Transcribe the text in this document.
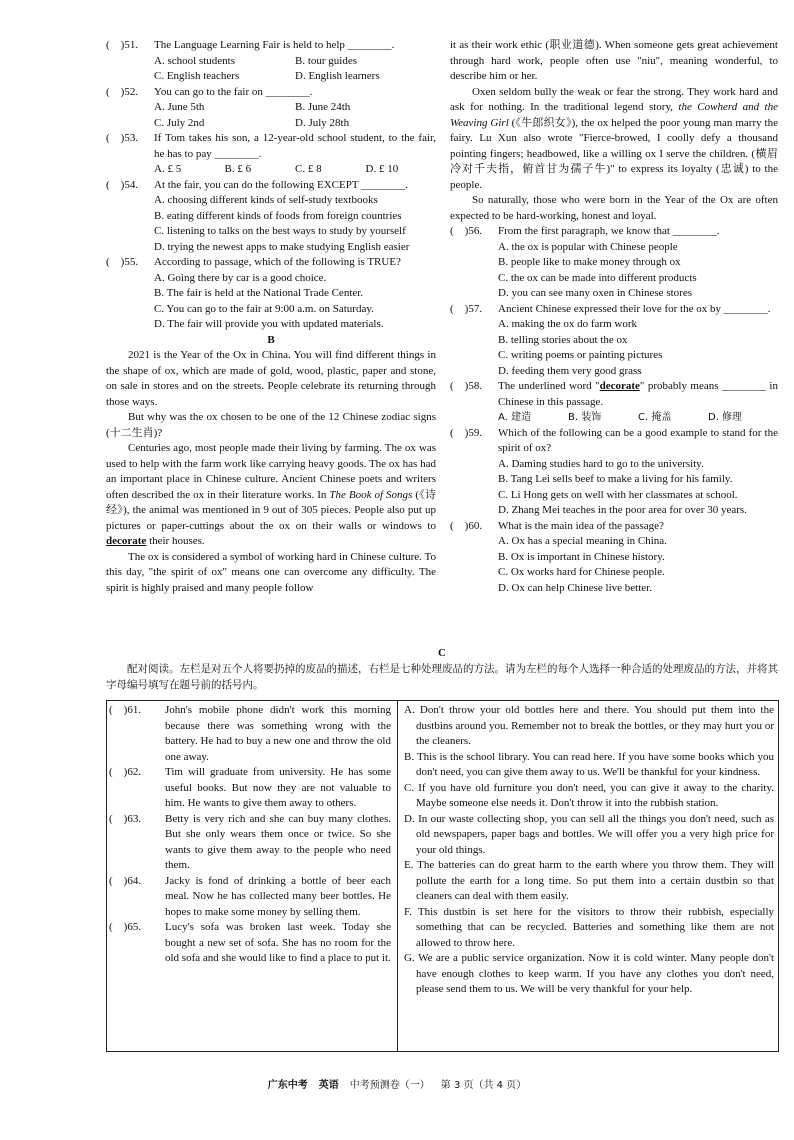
(    )51.	The Language Learning Fair is held to help ________.
A. school students	B. tour guides
C. English teachers	D. English learners
(    )52.	You can go to the fair on ________.
A. June 5th	B. June 24th
C. July 2nd	D. July 28th
(    )53.	If Tom takes his son, a 12-year-old school student, to the fair, he has to pay ________.
A. £ 5	B. £ 6	C. £ 8	D. £ 10
(    )54.	At the fair, you can do the following EXCEPT ________.
A. choosing different kinds of self-study textbooks
B. eating different kinds of foods from foreign countries
C. listening to talks on the best ways to study by yourself
D. trying the newest apps to make studying English easier
(    )55.	According to passage, which of the following is TRUE?
A. Going there by car is a good choice.
B. The fair is held at the National Trade Center.
C. You can go to the fair at 9:00 a.m. on Saturday.
D. The fair will provide you with updated materials.
B

2021 is the Year of the Ox in China. You will find different things in the shape of ox, which are made of gold, wood, plastic, paper and stone, on sale in stores and on the streets. People celebrate its returning through those ways.

But why was the ox chosen to be one of the 12 Chinese zodiac signs (十二生肖)?

Centuries ago, most people made their living by farming. The ox was used to help with the farm work like carrying heavy goods. The ox has had an important place in Chinese culture. Ancient Chinese poets and writers often described the ox in their literature works. In The Book of Songs (《诗经》), the animal was mentioned in 9 out of 305 pieces. People also put up pictures or paper-cuttings about the ox on their walls or windows to decorate their houses.

The ox is considered a symbol of working hard in Chinese culture. To this day, "the spirit of ox" means one can overcome any difficulty. The spirit is highly praised and many people follow

it as their work ethic (职业道德). When someone gets great achievement through hard work, people often use "niu", meaning wonderful, to describe him or her.

Oxen seldom bully the weak or fear the strong. They work hard and ask for nothing. In the traditional legend story, the Cowherd and the Weaving Girl (《牛郎织女》), the ox helped the poor young man marry the fairy. Lu Xun also wrote "Fierce-browed, I coolly defy a thousand pointing fingers; headbowed, like a willing ox I serve the children. (横眉冷对千夫指，俯首甘为孺子牛)" to express its loyalty (忠诚) to the people.

So naturally, those who were born in the Year of the Ox are often expected to be hard-working, honest and loyal.

(    )56.	From the first paragraph, we know that ________.
A. the ox is popular with Chinese people
B. people like to make money through ox
C. the ox can be made into different products
D. you can see many oxen in Chinese stores
(    )57.	Ancient Chinese expressed their love for the ox by ________.
A. making the ox do farm work
B. telling stories about the ox
C. writing poems or painting pictures
D. feeding them very good grass
(    )58.	The underlined word "decorate" probably means ________ in Chinese in this passage.
A. 建造	B. 装饰	C. 掩盖	D. 修理
(    )59.	Which of the following can be a good example to stand for the spirit of ox?
A. Daming studies hard to go to the university.
B. Tang Lei sells beef to make a living for his family.
C. Li Hong gets on well with her classmates at school.
D. Zhang Mei teaches in the poor area for over 30 years.
(    )60.	What is the main idea of the passage?
A. Ox has a special meaning in China.
B. Ox is important in Chinese history.
C. Ox works hard for Chinese people.
D. Ox can help Chinese live better.
C
配对阅读。左栏是对五个人将要扔掉的废品的描述，右栏是七种处理废品的方法。请为左栏的每个人选择一种合适的处理废品的方法，并将其字母编号填写在题号前的括号内。
(    )61.	John's mobile phone didn't work this morning because there was something wrong with the battery. He had to buy a new one and throw the old one away.
(    )62.	Tim will graduate from university. He has some useful books. But now they are not valuable to him. He wants to give them away to others.
(    )63.	Betty is very rich and she can buy many clothes. But she only wears them once or twice. So she wants to give them away to the people who need them.
(    )64.	Jacky is fond of drinking a bottle of beer each meal. Now he has collected many beer bottles. He hopes to make some money by selling them.
(    )65.	Lucy's sofa was broken last week. Today she bought a new set of sofa. She has no room for the old sofa and she would like to find a place to put it.
A. Don't throw your old bottles here and there. You should put them into the dustbins around you. Remember not to break the bottles, or they may hurt you or the cleaners.
B. This is the school library. You can read here. If you have some books which you don't need, you can give them away to us. We'll be thankful for your kindness.
C. If you have old furniture you don't need, you can give it away to the charity. Maybe someone else needs it. Don't throw it into the rubbish station.
D. In our waste collecting shop, you can sell all the things you don't need, such as old newspapers, paper bags and bottles. We will offer you a very high price for your old things.
E. The batteries can do great harm to the earth where you throw them. They will pollute the earth for a long time. So put them into a certain dustbin so that cleaners can deal with them easily.
F. This dustbin is set here for the visitors to throw their rubbish, especially something that can be recycled. Batteries and something like them are not allowed to throw here.
G. We are a public service organization. Now it is cold winter. Many people don't have enough clothes to keep warm. If you have any clothes you don't need, please send them to us. We will be very thankful for your help.
广东中考 英语 中考预测卷（一） 第 3 页（共 4 页）
